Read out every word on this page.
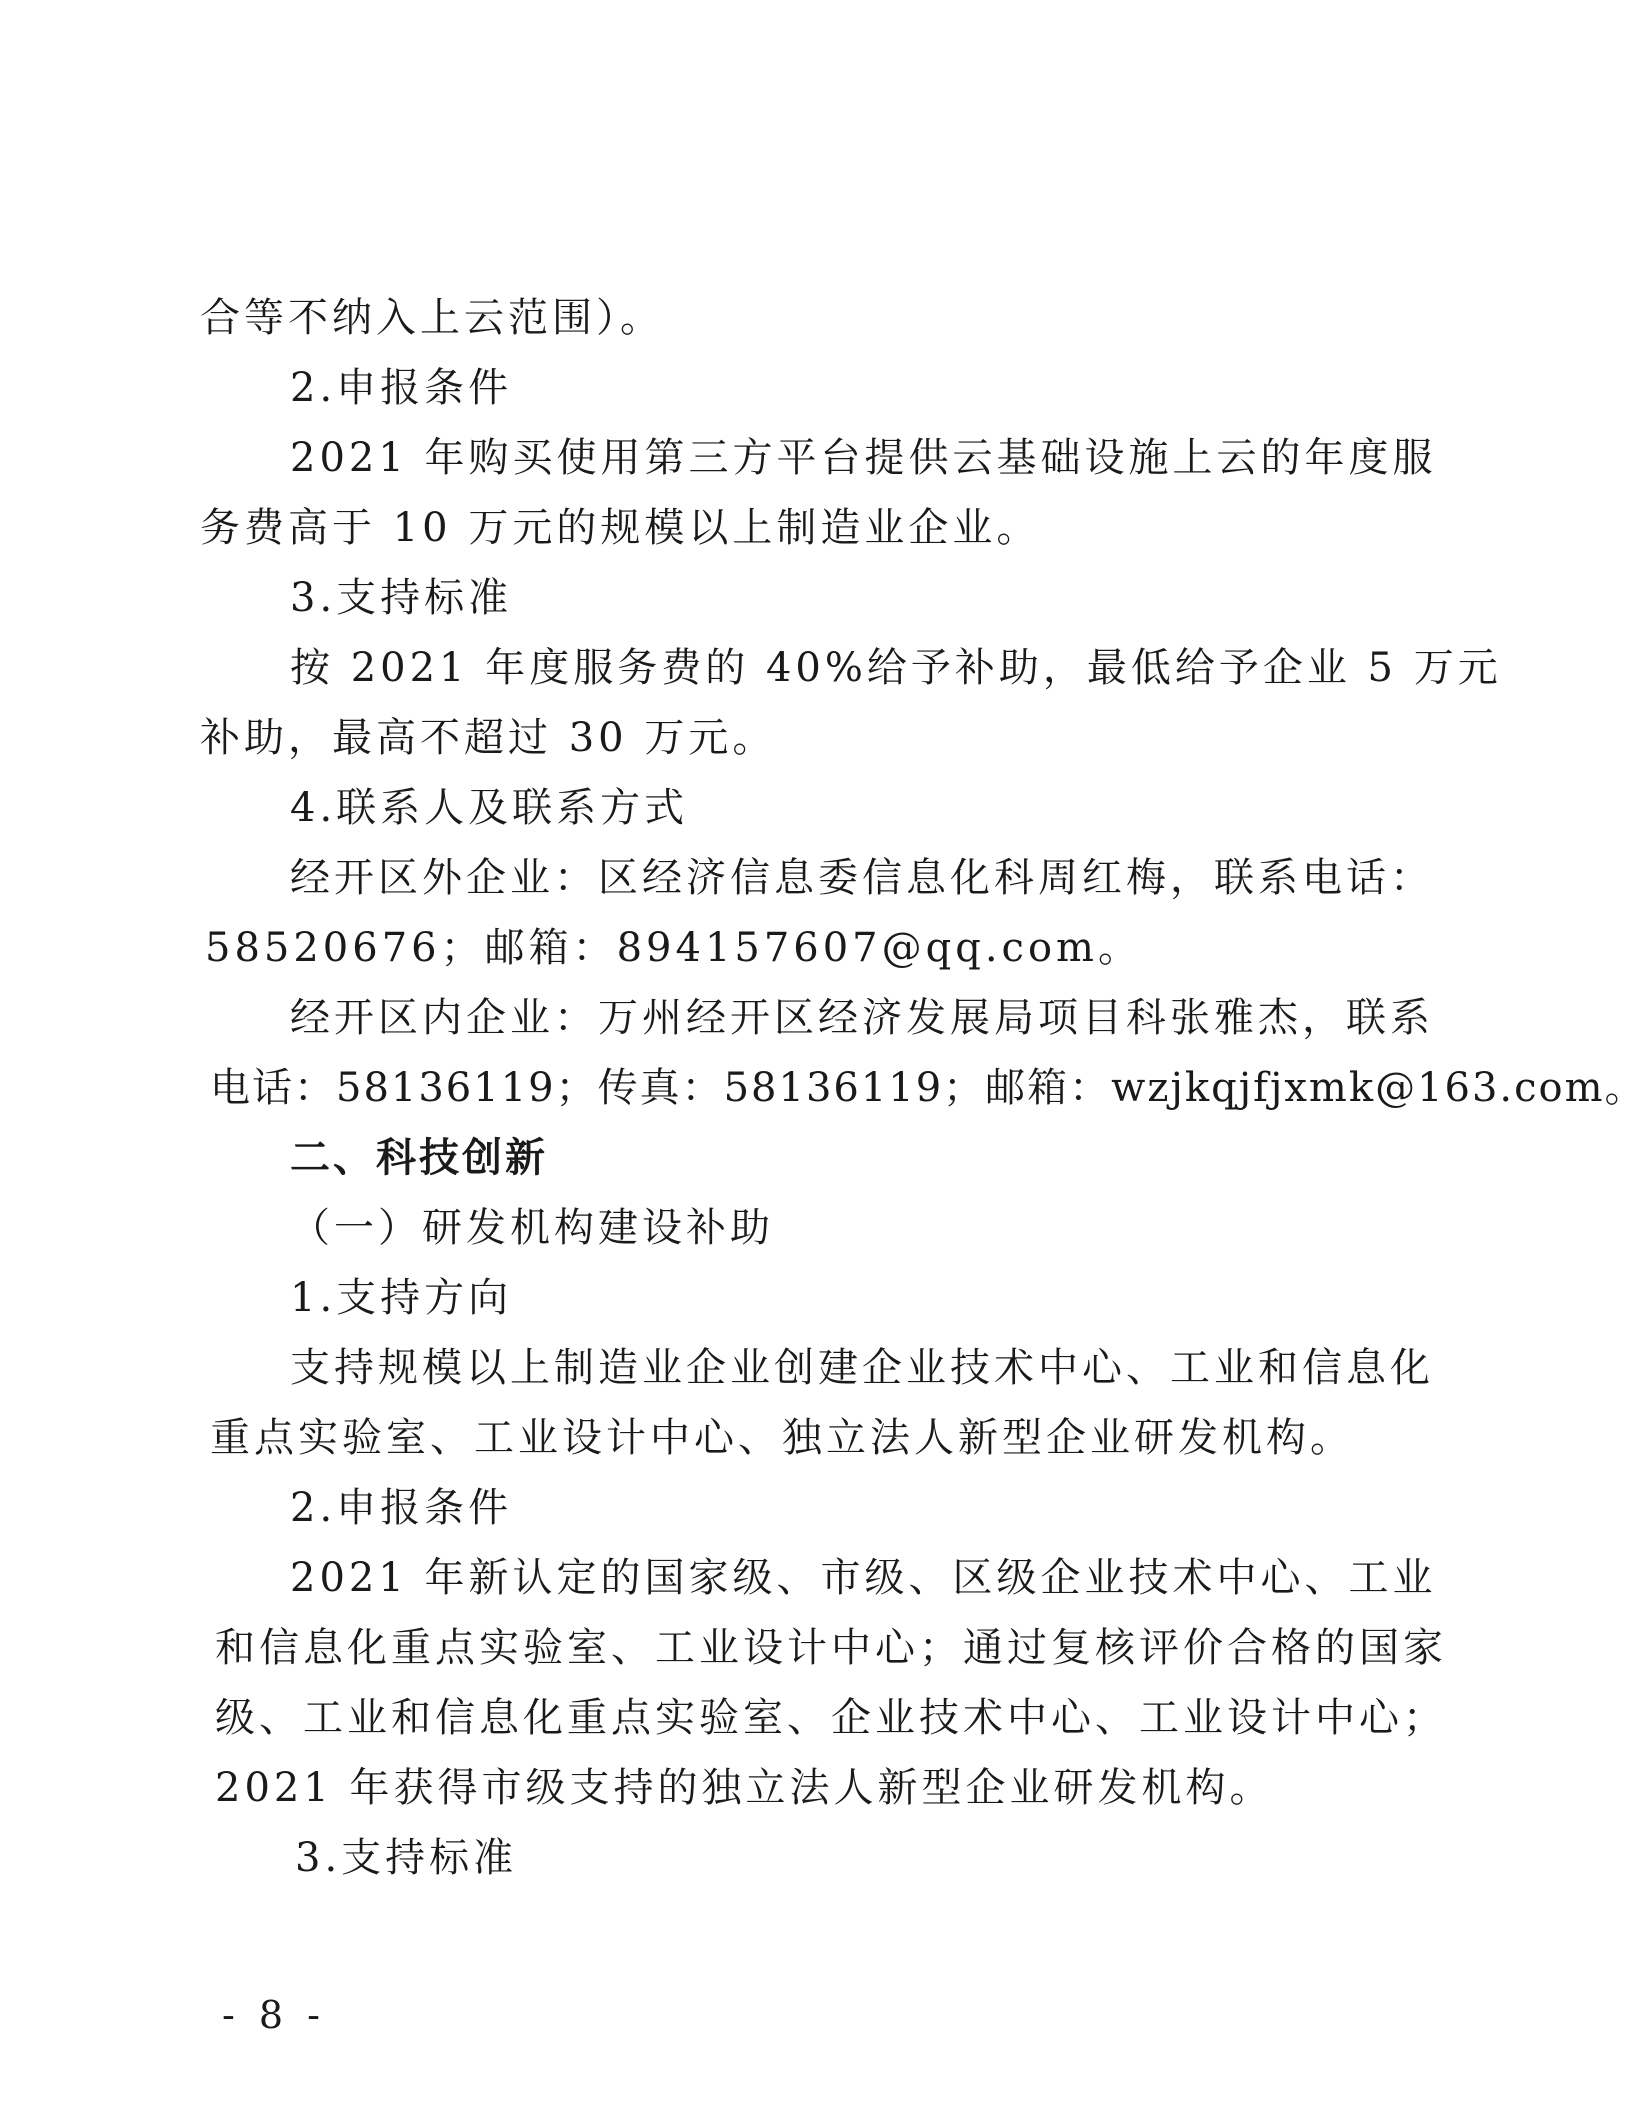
合等不纳入上云范围）。
2.申报条件
2021 年购买使用第三方平台提供云基础设施上云的年度服
务费高于 10 万元的规模以上制造业企业。
3.支持标准
按 2021 年度服务费的 40%给予补助，最低给予企业 5 万元
补助，最高不超过 30 万元。
4.联系人及联系方式
经开区外企业：区经济信息委信息化科周红梅，联系电话：
58520676；邮箱：894157607@qq.com。
经开区内企业：万州经开区经济发展局项目科张雅杰，联系
电话：58136119；传真：58136119；邮箱：wzjkqjfjxmk@163.com。
二、科技创新
（一）研发机构建设补助
1.支持方向
支持规模以上制造业企业创建企业技术中心、工业和信息化
重点实验室、工业设计中心、独立法人新型企业研发机构。
2.申报条件
2021 年新认定的国家级、市级、区级企业技术中心、工业
和信息化重点实验室、工业设计中心；通过复核评价合格的国家
级、工业和信息化重点实验室、企业技术中心、工业设计中心；
2021 年获得市级支持的独立法人新型企业研发机构。
3.支持标准
- 8 -
